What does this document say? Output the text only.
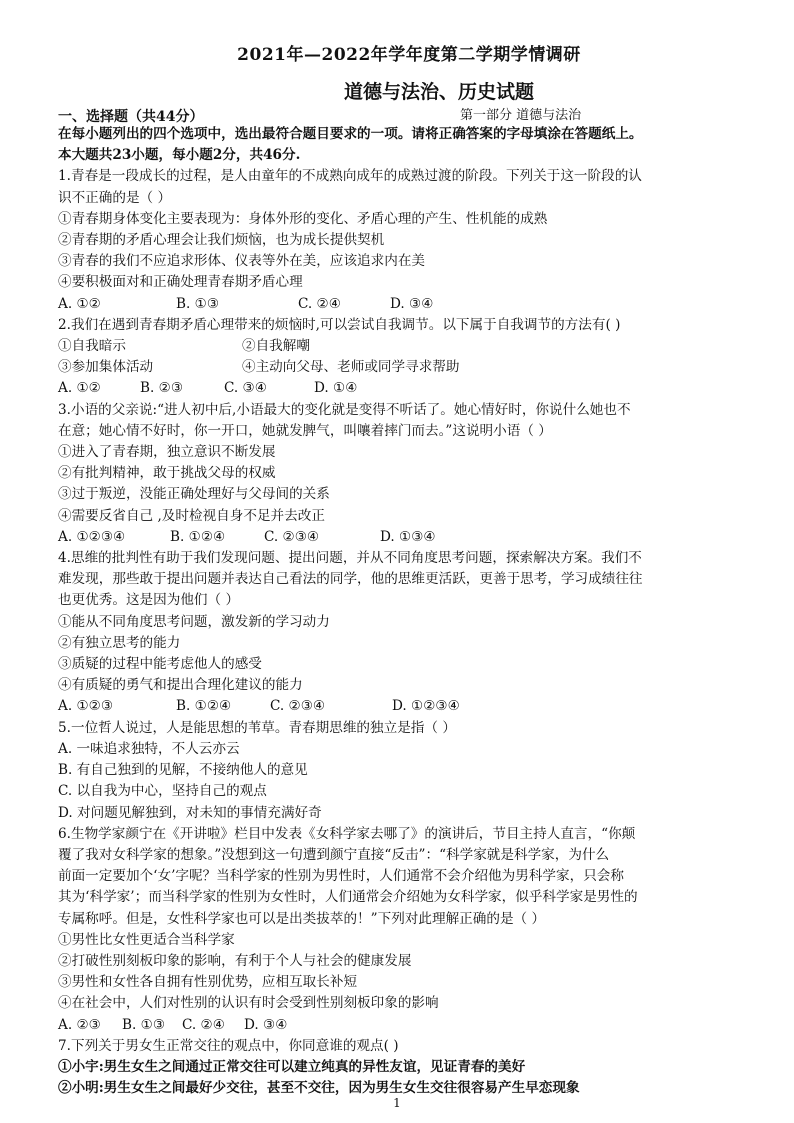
2021年—2022年学年度第二学期学情调研
道德与法治、历史试题
一、选择题（共44分）	第一部分 道德与法治
在每小题列出的四个选项中，选出最符合题目要求的一项。请将正确答案的字母填涂在答题纸上。
本大题共23小题，每小题2分，共46分.
1.青春是一段成长的过程，是人由童年的不成熟向成年的成熟过渡的阶段。下列关于这一阶段的认
识不正确的是（ ）
①青春期身体变化主要表现为：身体外形的变化、矛盾心理的产生、性机能的成熟
②青春期的矛盾心理会让我们烦恼，也为成长提供契机
③青春的我们不应追求形体、仪表等外在美，应该追求内在美
④要积极面对和正确处理青春期矛盾心理
A. ①②	B. ①③	C. ②④	D. ③④
2.我们在遇到青春期矛盾心理带来的烦恼时,可以尝试自我调节。以下属于自我调节的方法有( )
①自我暗示	②自我解嘲
③参加集体活动	④主动向父母、老师或同学寻求帮助
A. ①②	B. ②③	C. ③④	D. ①④
3.小语的父亲说:“进人初中后,小语最大的变化就是变得不听话了。她心情好时，你说什么她也不
在意；她心情不好时，你一开口，她就发脾气，叫嚷着摔门而去。”这说明小语（ ）
①进入了青春期，独立意识不断发展
②有批判精神，敢于挑战父母的权威
③过于叛逆，没能正确处理好与父母间的关系
④需要反省自己 ,及时检视自身不足并去改正
A. ①②③④	B. ①②④	C. ②③④	D. ①③④
4.思维的批判性有助于我们发现问题、提出问题，并从不同角度思考问题，探索解决方案。我们不
难发现，那些敢于提出问题并表达自己看法的同学，他的思维更活跃，更善于思考，学习成绩往往
也更优秀。这是因为他们（ ）
①能从不同角度思考问题，激发新的学习动力
②有独立思考的能力
③质疑的过程中能考虑他人的感受
④有质疑的勇气和提出合理化建议的能力
A. ①②③	B. ①②④	C. ②③④	D. ①②③④
5.一位哲人说过，人是能思想的苇草。青春期思维的独立是指（ ）
A. 一味追求独特，不人云亦云
B. 有自己独到的见解，不接纳他人的意见
C. 以自我为中心，坚持自己的观点
D. 对问题见解独到，对未知的事情充满好奇
6.生物学家颜宁在《开讲啦》栏目中发表《女科学家去哪了》的演讲后，节目主持人直言，“你颠
覆了我对女科学家的想象。”没想到这一句遭到颜宁直接“反击”：“科学家就是科学家，为什么
前面一定要加个‘女’字呢？当科学家的性别为男性时，人们通常不会介绍他为男科学家，只会称
其为‘科学家’；而当科学家的性别为女性时，人们通常会介绍她为女科学家，似乎科学家是男性的
专属称呼。但是，女性科学家也可以是出类拔萃的！”下列对此理解正确的是（ ）
①男性比女性更适合当科学家
②打破性别刻板印象的影响，有利于个人与社会的健康发展
③男性和女性各自拥有性别优势，应相互取长补短
④在社会中，人们对性别的认识有时会受到性别刻板印象的影响
A. ②③	B. ①③	C. ②④	D. ③④
7.下列关于男女生正常交往的观点中，你同意谁的观点( )
①小宇:男生女生之间通过正常交往可以建立纯真的异性友谊，见证青春的美好
②小明:男生女生之间最好少交往，甚至不交往，因为男生女生交往很容易产生早恋现象
1
